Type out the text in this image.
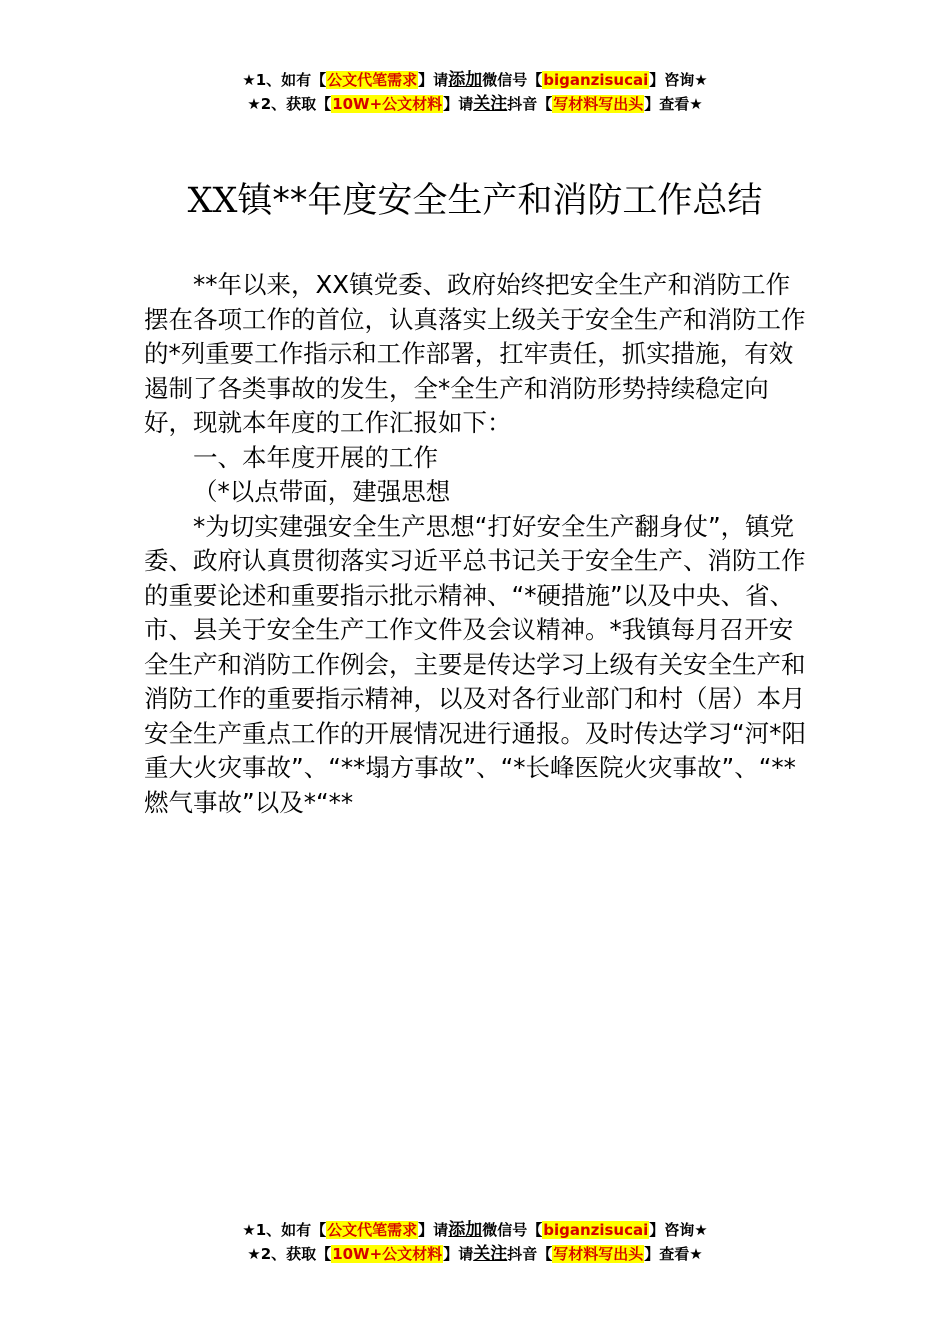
★1、如有【公文代笔需求】请添加微信号【biganzisucai】咨询★
★2、获取【10W+公文材料】请关注抖音【写材料写出头】查看★
XX镇**年度安全生产和消防工作总结

**年以来，XX镇党委、政府始终把安全生产和消防工作摆在各项工作的首位，认真落实上级关于安全生产和消防工作的*列重要工作指示和工作部署，扛牢责任，抓实措施，有效遏制了各类事故的发生，全*全生产和消防形势持续稳定向好，现就本年度的工作汇报如下：

一、本年度开展的工作

（*以点带面，建强思想

*为切实建强安全生产思想“打好安全生产翻身仗”，镇党委、政府认真贯彻落实习近平总书记关于安全生产、消防工作的重要论述和重要指示批示精神、“*硬措施”以及中央、省、市、县关于安全生产工作文件及会议精神。*我镇每月召开安全生产和消防工作例会，主要是传达学习上级有关安全生产和消防工作的重要指示精神，以及对各行业部门和村（居）本月安全生产重点工作的开展情况进行通报。及时传达学习“河*阳重大火灾事故”、“**塌方事故”、“*长峰医院火灾事故”、“**燃气事故”以及*“**

★1、如有【公文代笔需求】请添加微信号【biganzisucai】咨询★
★2、获取【10W+公文材料】请关注抖音【写材料写出头】查看★
